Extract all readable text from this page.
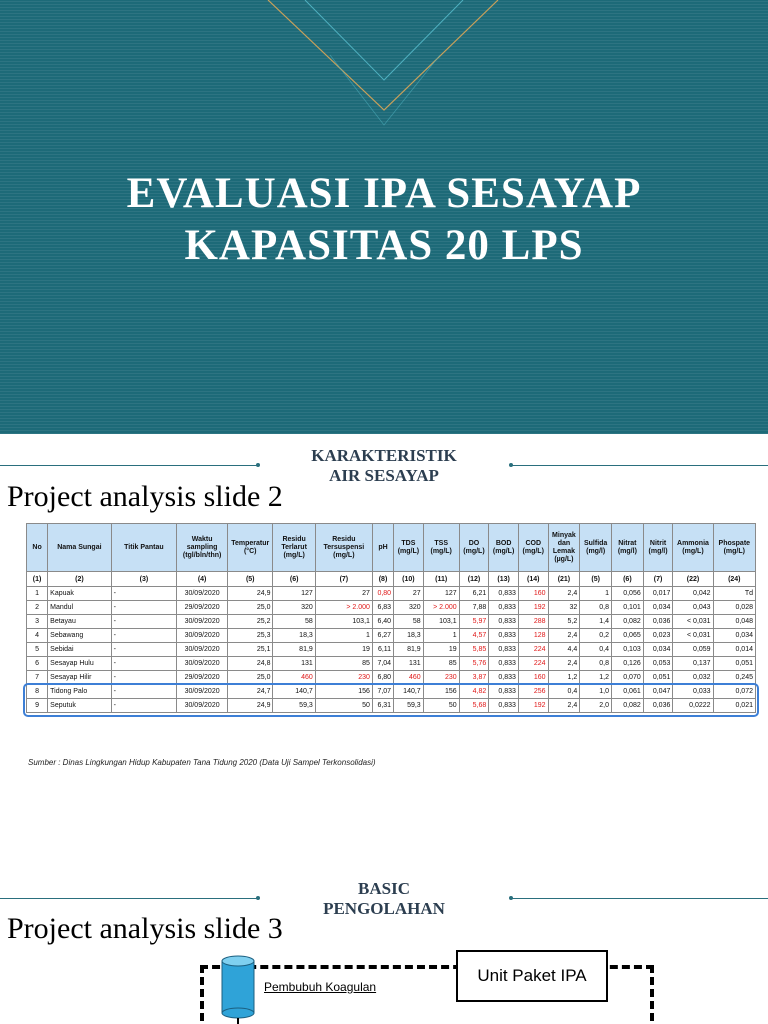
EVALUASI IPA SESAYAP
KAPASITAS 20 LPS
KARAKTERISTIK
AIR SESAYAP
Project analysis slide 2
No	Nama Sungai	Titik Pantau	Waktu sampling (tgl/bln/thn)	Temperatur (°C)	Residu Terlarut (mg/L)	Residu Tersuspensi (mg/L)	pH	TDS (mg/L)	TSS (mg/L)	DO (mg/L)	BOD (mg/L)	COD (mg/L)	Minyak dan Lemak (µg/L)	Sulfida (mg/l)	Nitrat (mg/l)	Nitrit (mg/l)	Ammonia (mg/L)	Phospate (mg/L)
(1)	(2)	(3)	(4)	(5)	(6)	(7)	(8)	(10)	(11)	(12)	(13)	(14)	(21)	(5)	(6)	(7)	(22)	(24)
1	Kapuak	-	30/09/2020	24,9	127	27	0,80	27	127	6,21	0,833	160	2,4	1	0,056	0,017	0,042	Td
2	Mandul	-	29/09/2020	25,0	320	> 2.000	6,83	320	> 2.000	7,88	0,833	192	32	0,8	0,101	0,034	0,043	0,028
3	Betayau	-	30/09/2020	25,2	58	103,1	6,40	58	103,1	5,97	0,833	288	5,2	1,4	0,082	0,036	< 0,031	0,048
4	Sebawang	-	30/09/2020	25,3	18,3	1	6,27	18,3	1	4,57	0,833	128	2,4	0,2	0,065	0,023	< 0,031	0,034
5	Sebidai	-	30/09/2020	25,1	81,9	19	6,11	81,9	19	5,85	0,833	224	4,4	0,4	0,103	0,034	0,059	0,014
6	Sesayap Hulu	-	30/09/2020	24,8	131	85	7,04	131	85	5,76	0,833	224	2,4	0,8	0,126	0,053	0,137	0,051
7	Sesayap Hilir	-	29/09/2020	25,0	460	230	6,80	460	230	3,87	0,833	160	1,2	1,2	0,070	0,051	0,032	0,245
8	Tidong Palo	-	30/09/2020	24,7	140,7	156	7,07	140,7	156	4,82	0,833	256	0,4	1,0	0,061	0,047	0,033	0,072
9	Seputuk	-	30/09/2020	24,9	59,3	50	6,31	59,3	50	5,68	0,833	192	2,4	2,0	0,082	0,036	0,0222	0,021
Sumber : Dinas Lingkungan Hidup Kabupaten Tana Tidung 2020 (Data Uji Sampel Terkonsolidasi)
BASIC
PENGOLAHAN
Project analysis slide 3
Pembubuh Koagulan
Unit Paket IPA
